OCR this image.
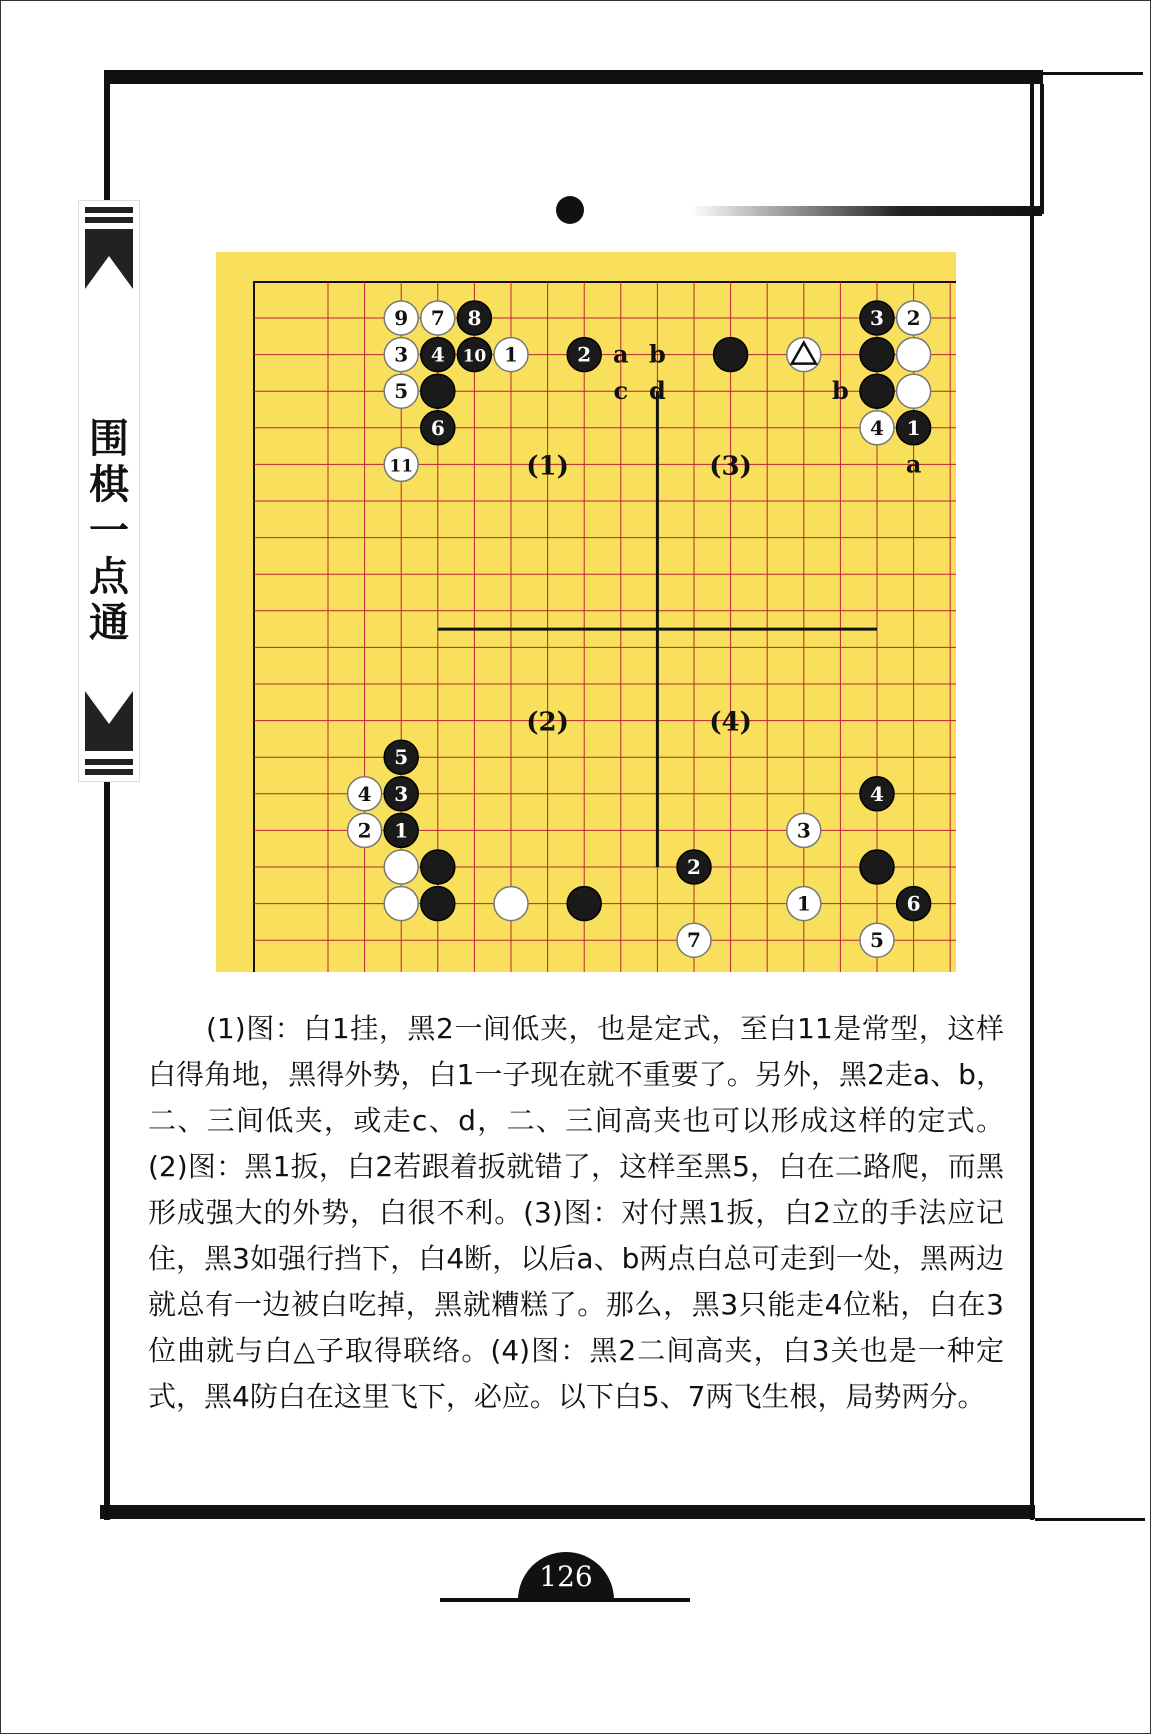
围棋一点通
(1)	(3)
(2)	(4)
9 7 8
3 4 10 1	2
5
6
11
3 2
4 1
5
4 3
2 1
2
7
4
3
1	6
5
a b
c d	b
a
(1)图：白1挂，黑2一间低夹，也是定式，至白11是常型，这样白得角地，黑得外势，白1一子现在就不重要了。另外，黑2走a、b，二、三间低夹，或走c、d，二、三间高夹也可以形成这样的定式。(2)图：黑1扳，白2若跟着扳就错了，这样至黑5，白在二路爬，而黑形成强大的外势，白很不利。(3)图：对付黑1扳，白2立的手法应记住，黑3如强行挡下，白4断，以后a、b两点白总可走到一处，黑两边就总有一边被白吃掉，黑就糟糕了。那么，黑3只能走4位粘，白在3位曲就与白△子取得联络。(4)图：黑2二间高夹，白3关也是一种定式，黑4防白在这里飞下，必应。以下白5、7两飞生根，局势两分。
126
